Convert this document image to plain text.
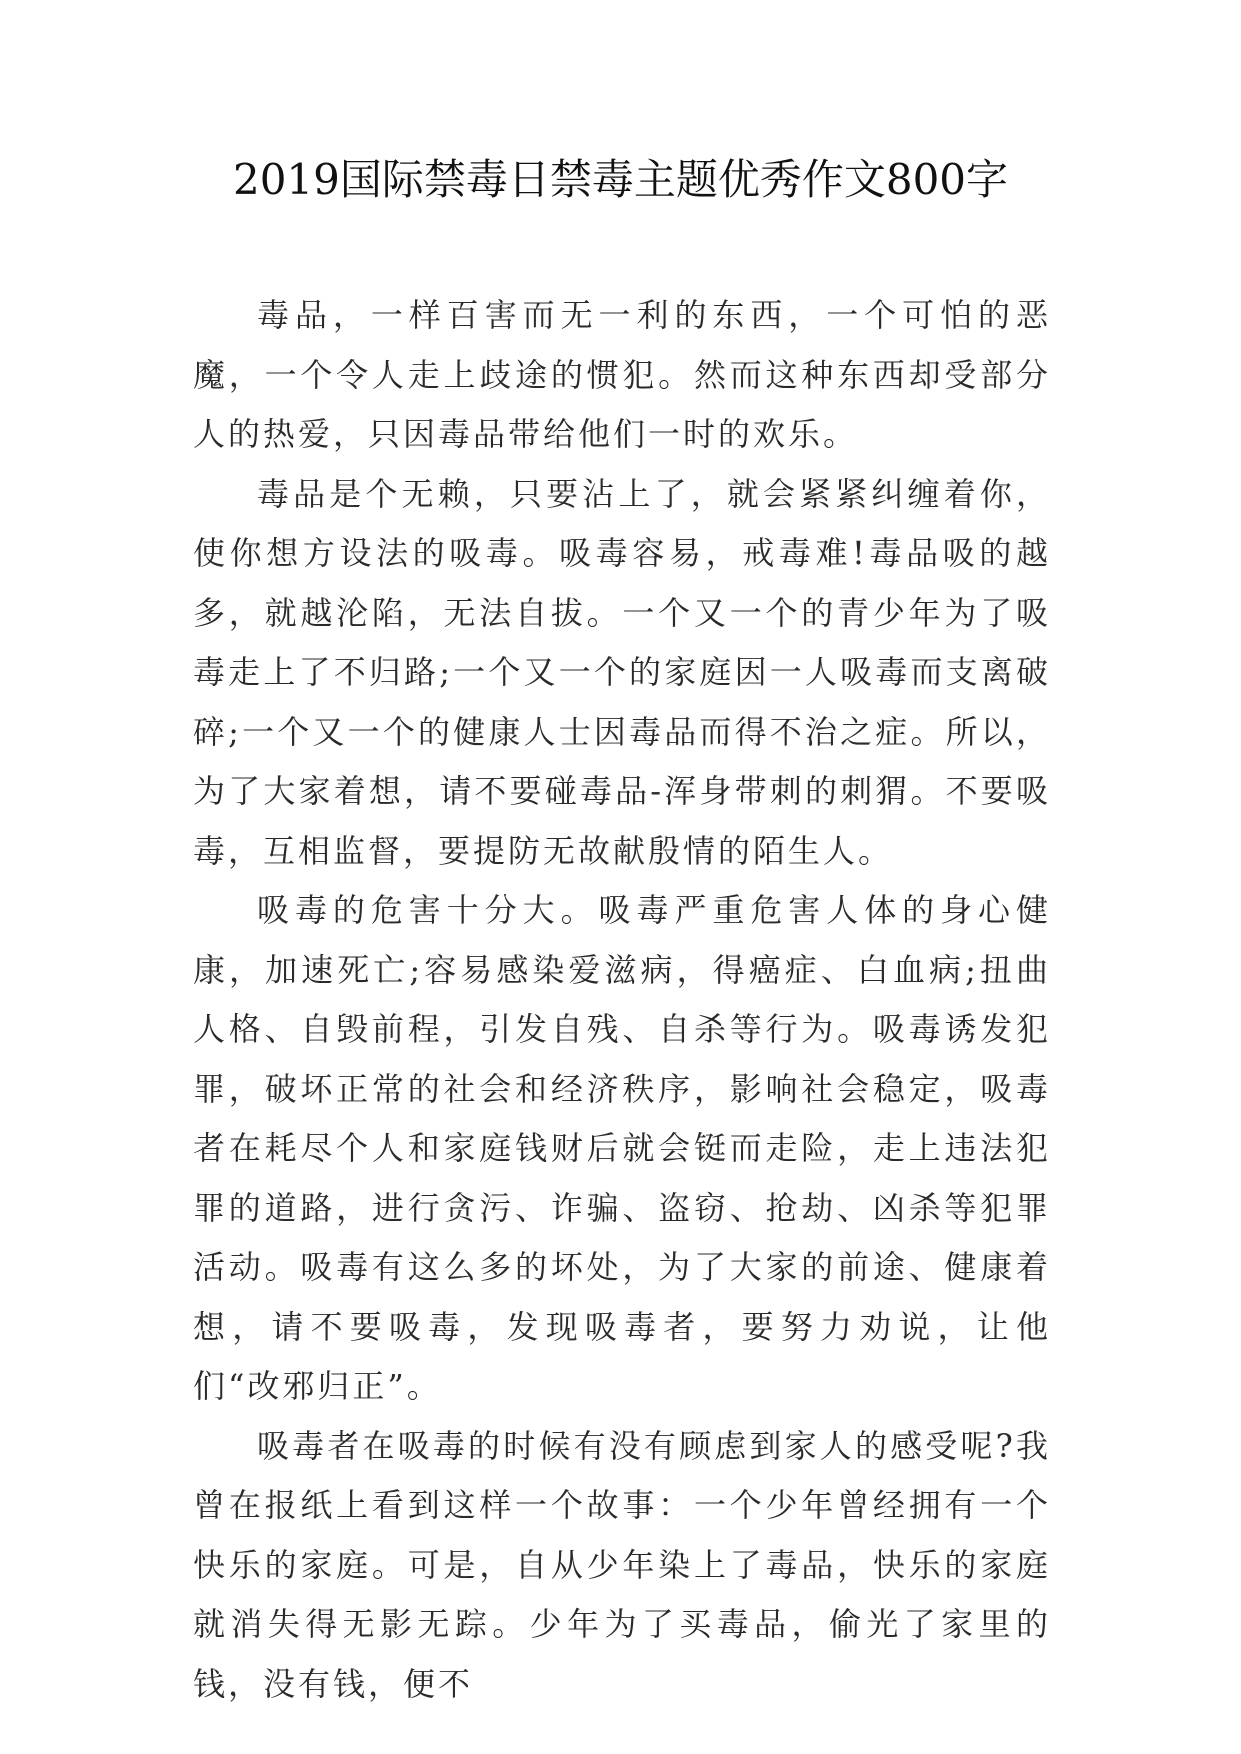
2019国际禁毒日禁毒主题优秀作文800字

毒品，一样百害而无一利的东西，一个可怕的恶魔，一个令人走上歧途的惯犯。然而这种东西却受部分人的热爱，只因毒品带给他们一时的欢乐。

毒品是个无赖，只要沾上了，就会紧紧纠缠着你，使你想方设法的吸毒。吸毒容易，戒毒难!毒品吸的越多，就越沦陷，无法自拔。一个又一个的青少年为了吸毒走上了不归路;一个又一个的家庭因一人吸毒而支离破碎;一个又一个的健康人士因毒品而得不治之症。所以，为了大家着想，请不要碰毒品-浑身带刺的刺猬。不要吸毒，互相监督，要提防无故献殷情的陌生人。

吸毒的危害十分大。吸毒严重危害人体的身心健康，加速死亡;容易感染爱滋病，得癌症、白血病;扭曲人格、自毁前程，引发自残、自杀等行为。吸毒诱发犯罪，破坏正常的社会和经济秩序，影响社会稳定，吸毒者在耗尽个人和家庭钱财后就会铤而走险，走上违法犯罪的道路，进行贪污、诈骗、盗窃、抢劫、凶杀等犯罪活动。吸毒有这么多的坏处，为了大家的前途、健康着想，请不要吸毒，发现吸毒者，要努力劝说，让他们“改邪归正”。

吸毒者在吸毒的时候有没有顾虑到家人的感受呢?我曾在报纸上看到这样一个故事：一个少年曾经拥有一个快乐的家庭。可是，自从少年染上了毒品，快乐的家庭就消失得无影无踪。少年为了买毒品，偷光了家里的钱，没有钱，便不
